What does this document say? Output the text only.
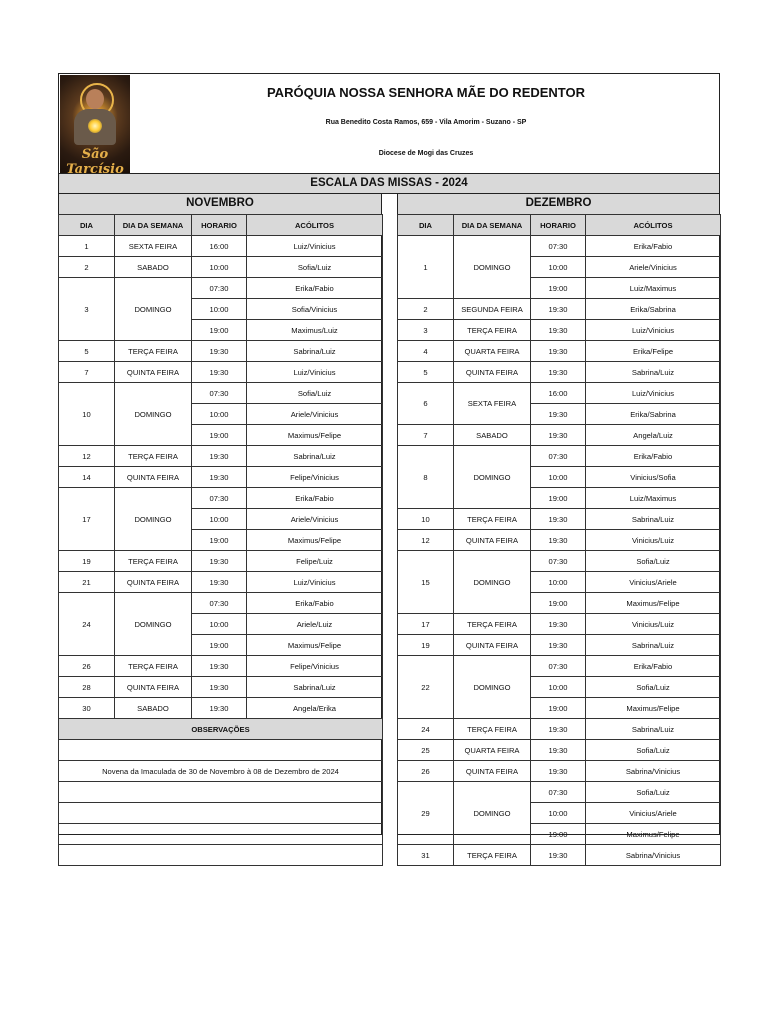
São Tarcísio
PARÓQUIA NOSSA SENHORA MÃE DO REDENTOR
Rua Benedito Costa Ramos, 659 - Vila Amorim - Suzano - SP
Diocese de Mogi das Cruzes
ESCALA DAS MISSAS - 2024
NOVEMBRO
DIA	DIA DA SEMANA	HORARIO	ACÓLITOS
1	SEXTA FEIRA	16:00	Luiz/Vinicius
2	SABADO	10:00	Sofia/Luiz
3	DOMINGO	07:30	Erika/Fabio
		10:00	Sofia/Vinicius
		19:00	Maximus/Luiz
5	TERÇA FEIRA	19:30	Sabrina/Luiz
7	QUINTA FEIRA	19:30	Luiz/Vinicius
10	DOMINGO	07:30	Sofia/Luiz
		10:00	Ariele/Vinicius
		19:00	Maximus/Felipe
12	TERÇA FEIRA	19:30	Sabrina/Luiz
14	QUINTA FEIRA	19:30	Felipe/Vinicius
17	DOMINGO	07:30	Erika/Fabio
		10:00	Ariele/Vinicius
		19:00	Maximus/Felipe
19	TERÇA FEIRA	19:30	Felipe/Luiz
21	QUINTA FEIRA	19:30	Luiz/Vinicius
24	DOMINGO	07:30	Erika/Fabio
		10:00	Ariele/Luiz
		19:00	Maximus/Felipe
26	TERÇA FEIRA	19:30	Felipe/Vinicius
28	QUINTA FEIRA	19:30	Sabrina/Luiz
30	SABADO	19:30	Angela/Erika
OBSERVAÇÕES			

Novena da Imaculada de 30 de Novembro à 08 de Dezembro de 2024			

DEZEMBRO
DIA	DIA DA SEMANA	HORARIO	ACÓLITOS
1	DOMINGO	07:30	Erika/Fabio
		10:00	Ariele/Vinicius
		19:00	Luiz/Maximus
2	SEGUNDA FEIRA	19:30	Erika/Sabrina
3	TERÇA FEIRA	19:30	Luiz/Vinicius
4	QUARTA FEIRA	19:30	Erika/Felipe
5	QUINTA FEIRA	19:30	Sabrina/Luiz
6	SEXTA FEIRA	16:00	Luiz/Vinicius
		19:30	Erika/Sabrina
7	SABADO	19:30	Angela/Luiz
8	DOMINGO	07:30	Erika/Fabio
		10:00	Vinicius/Sofia
		19:00	Luiz/Maximus
10	TERÇA FEIRA	19:30	Sabrina/Luiz
12	QUINTA FEIRA	19:30	Vinicius/Luiz
15	DOMINGO	07:30	Sofia/Luiz
		10:00	Vinicius/Ariele
		19:00	Maximus/Felipe
17	TERÇA FEIRA	19:30	Vinicius/Luiz
19	QUINTA FEIRA	19:30	Sabrina/Luiz
22	DOMINGO	07:30	Erika/Fabio
		10:00	Sofia/Luiz
		19:00	Maximus/Felipe
24	TERÇA FEIRA	19:30	Sabrina/Luiz
25	QUARTA FEIRA	19:30	Sofia/Luiz
26	QUINTA FEIRA	19:30	Sabrina/Vinicius
29	DOMINGO	07:30	Sofia/Luiz
		10:00	Vinicius/Ariele
		19:00	Maximus/Felipe
31	TERÇA FEIRA	19:30	Sabrina/Vinicius
